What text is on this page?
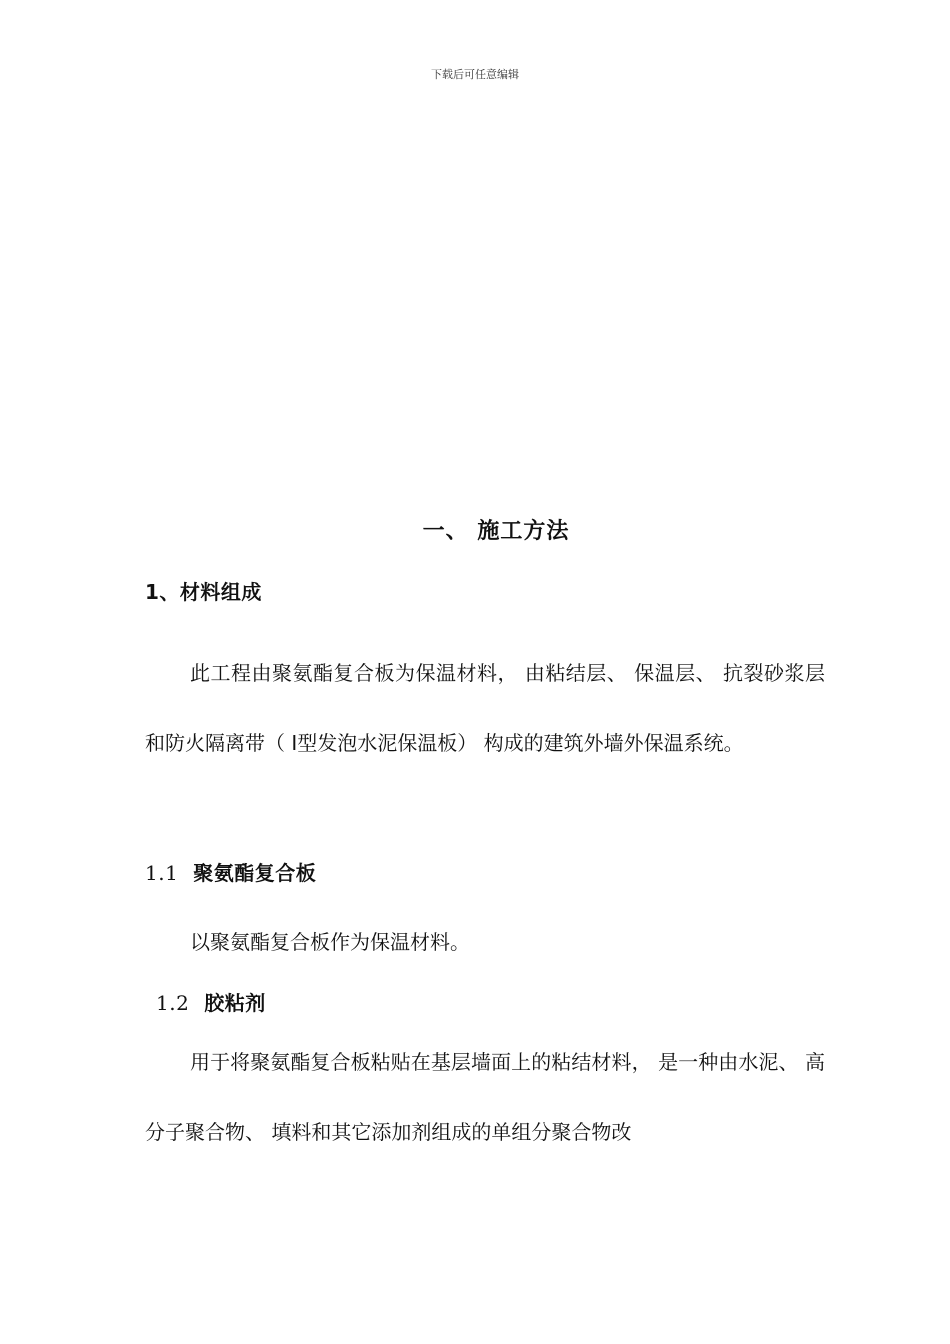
下载后可任意编辑
一、 施工方法
1、材料组成
此工程由聚氨酯复合板为保温材料， 由粘结层、 保温层、 抗裂砂浆层和防火隔离带（ Ⅰ型发泡水泥保温板） 构成的建筑外墙外保温系统。
1.1 聚氨酯复合板
以聚氨酯复合板作为保温材料。
1.2 胶粘剂
用于将聚氨酯复合板粘贴在基层墙面上的粘结材料， 是一种由水泥、 高分子聚合物、 填料和其它添加剂组成的单组分聚合物改
